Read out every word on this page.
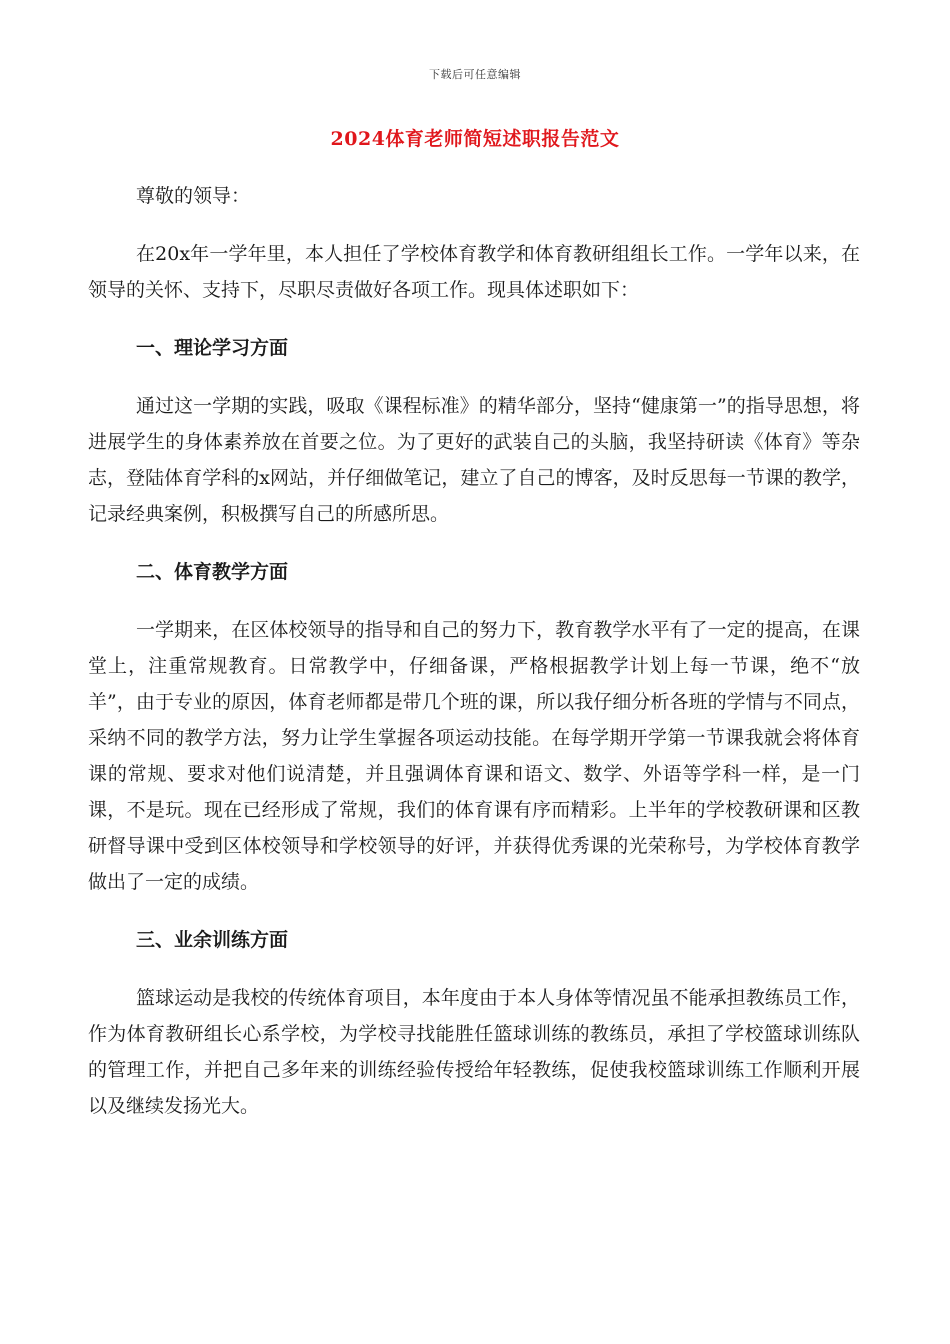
下载后可任意编辑
2024体育老师简短述职报告范文

尊敬的领导：

在20x年一学年里，本人担任了学校体育教学和体育教研组组长工作。一学年以来，在领导的关怀、支持下，尽职尽责做好各项工作。现具体述职如下：

一、理论学习方面

通过这一学期的实践，吸取《课程标准》的精华部分，坚持“健康第一”的指导思想，将进展学生的身体素养放在首要之位。为了更好的武装自己的头脑，我坚持研读《体育》等杂志，登陆体育学科的x网站，并仔细做笔记，建立了自己的博客，及时反思每一节课的教学，记录经典案例，积极撰写自己的所感所思。

二、体育教学方面

一学期来，在区体校领导的指导和自己的努力下，教育教学水平有了一定的提高，在课堂上，注重常规教育。日常教学中，仔细备课，严格根据教学计划上每一节课，绝不“放羊”，由于专业的原因，体育老师都是带几个班的课，所以我仔细分析各班的学情与不同点，采纳不同的教学方法，努力让学生掌握各项运动技能。在每学期开学第一节课我就会将体育课的常规、要求对他们说清楚，并且强调体育课和语文、数学、外语等学科一样，是一门课，不是玩。现在已经形成了常规，我们的体育课有序而精彩。上半年的学校教研课和区教研督导课中受到区体校领导和学校领导的好评，并获得优秀课的光荣称号，为学校体育教学做出了一定的成绩。

三、业余训练方面

篮球运动是我校的传统体育项目，本年度由于本人身体等情况虽不能承担教练员工作，作为体育教研组长心系学校，为学校寻找能胜任篮球训练的教练员，承担了学校篮球训练队的管理工作，并把自己多年来的训练经验传授给年轻教练，促使我校篮球训练工作顺利开展以及继续发扬光大。
